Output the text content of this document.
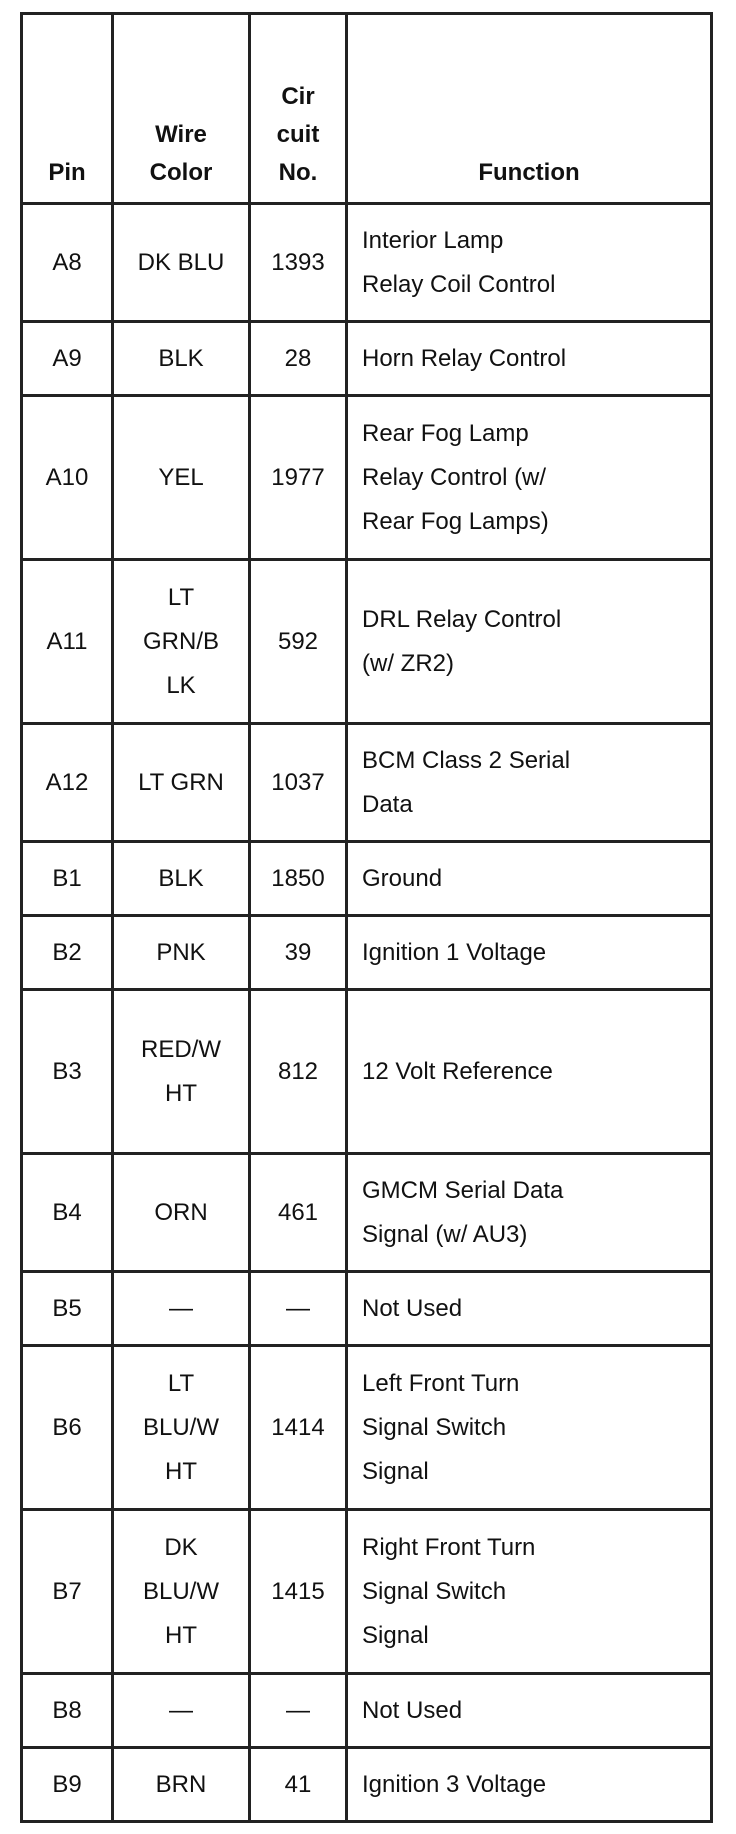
Pin	Wire
Color	Cir
cuit
No.	Function
A8	DK BLU	1393	Interior Lamp
Relay Coil Control
A9	BLK	28	Horn Relay Control
A10	YEL	1977	Rear Fog Lamp
Relay Control (w/
Rear Fog Lamps)
A11	LT
GRN/B
LK	592	DRL Relay Control
(w/ ZR2)
A12	LT GRN	1037	BCM Class 2 Serial
Data
B1	BLK	1850	Ground
B2	PNK	39	Ignition 1 Voltage
B3	RED/W
HT	812	12 Volt Reference
B4	ORN	461	GMCM Serial Data
Signal (w/ AU3)
B5	—	—	Not Used
B6	LT
BLU/W
HT	1414	Left Front Turn
Signal Switch
Signal
B7	DK
BLU/W
HT	1415	Right Front Turn
Signal Switch
Signal
B8	—	—	Not Used
B9	BRN	41	Ignition 3 Voltage
